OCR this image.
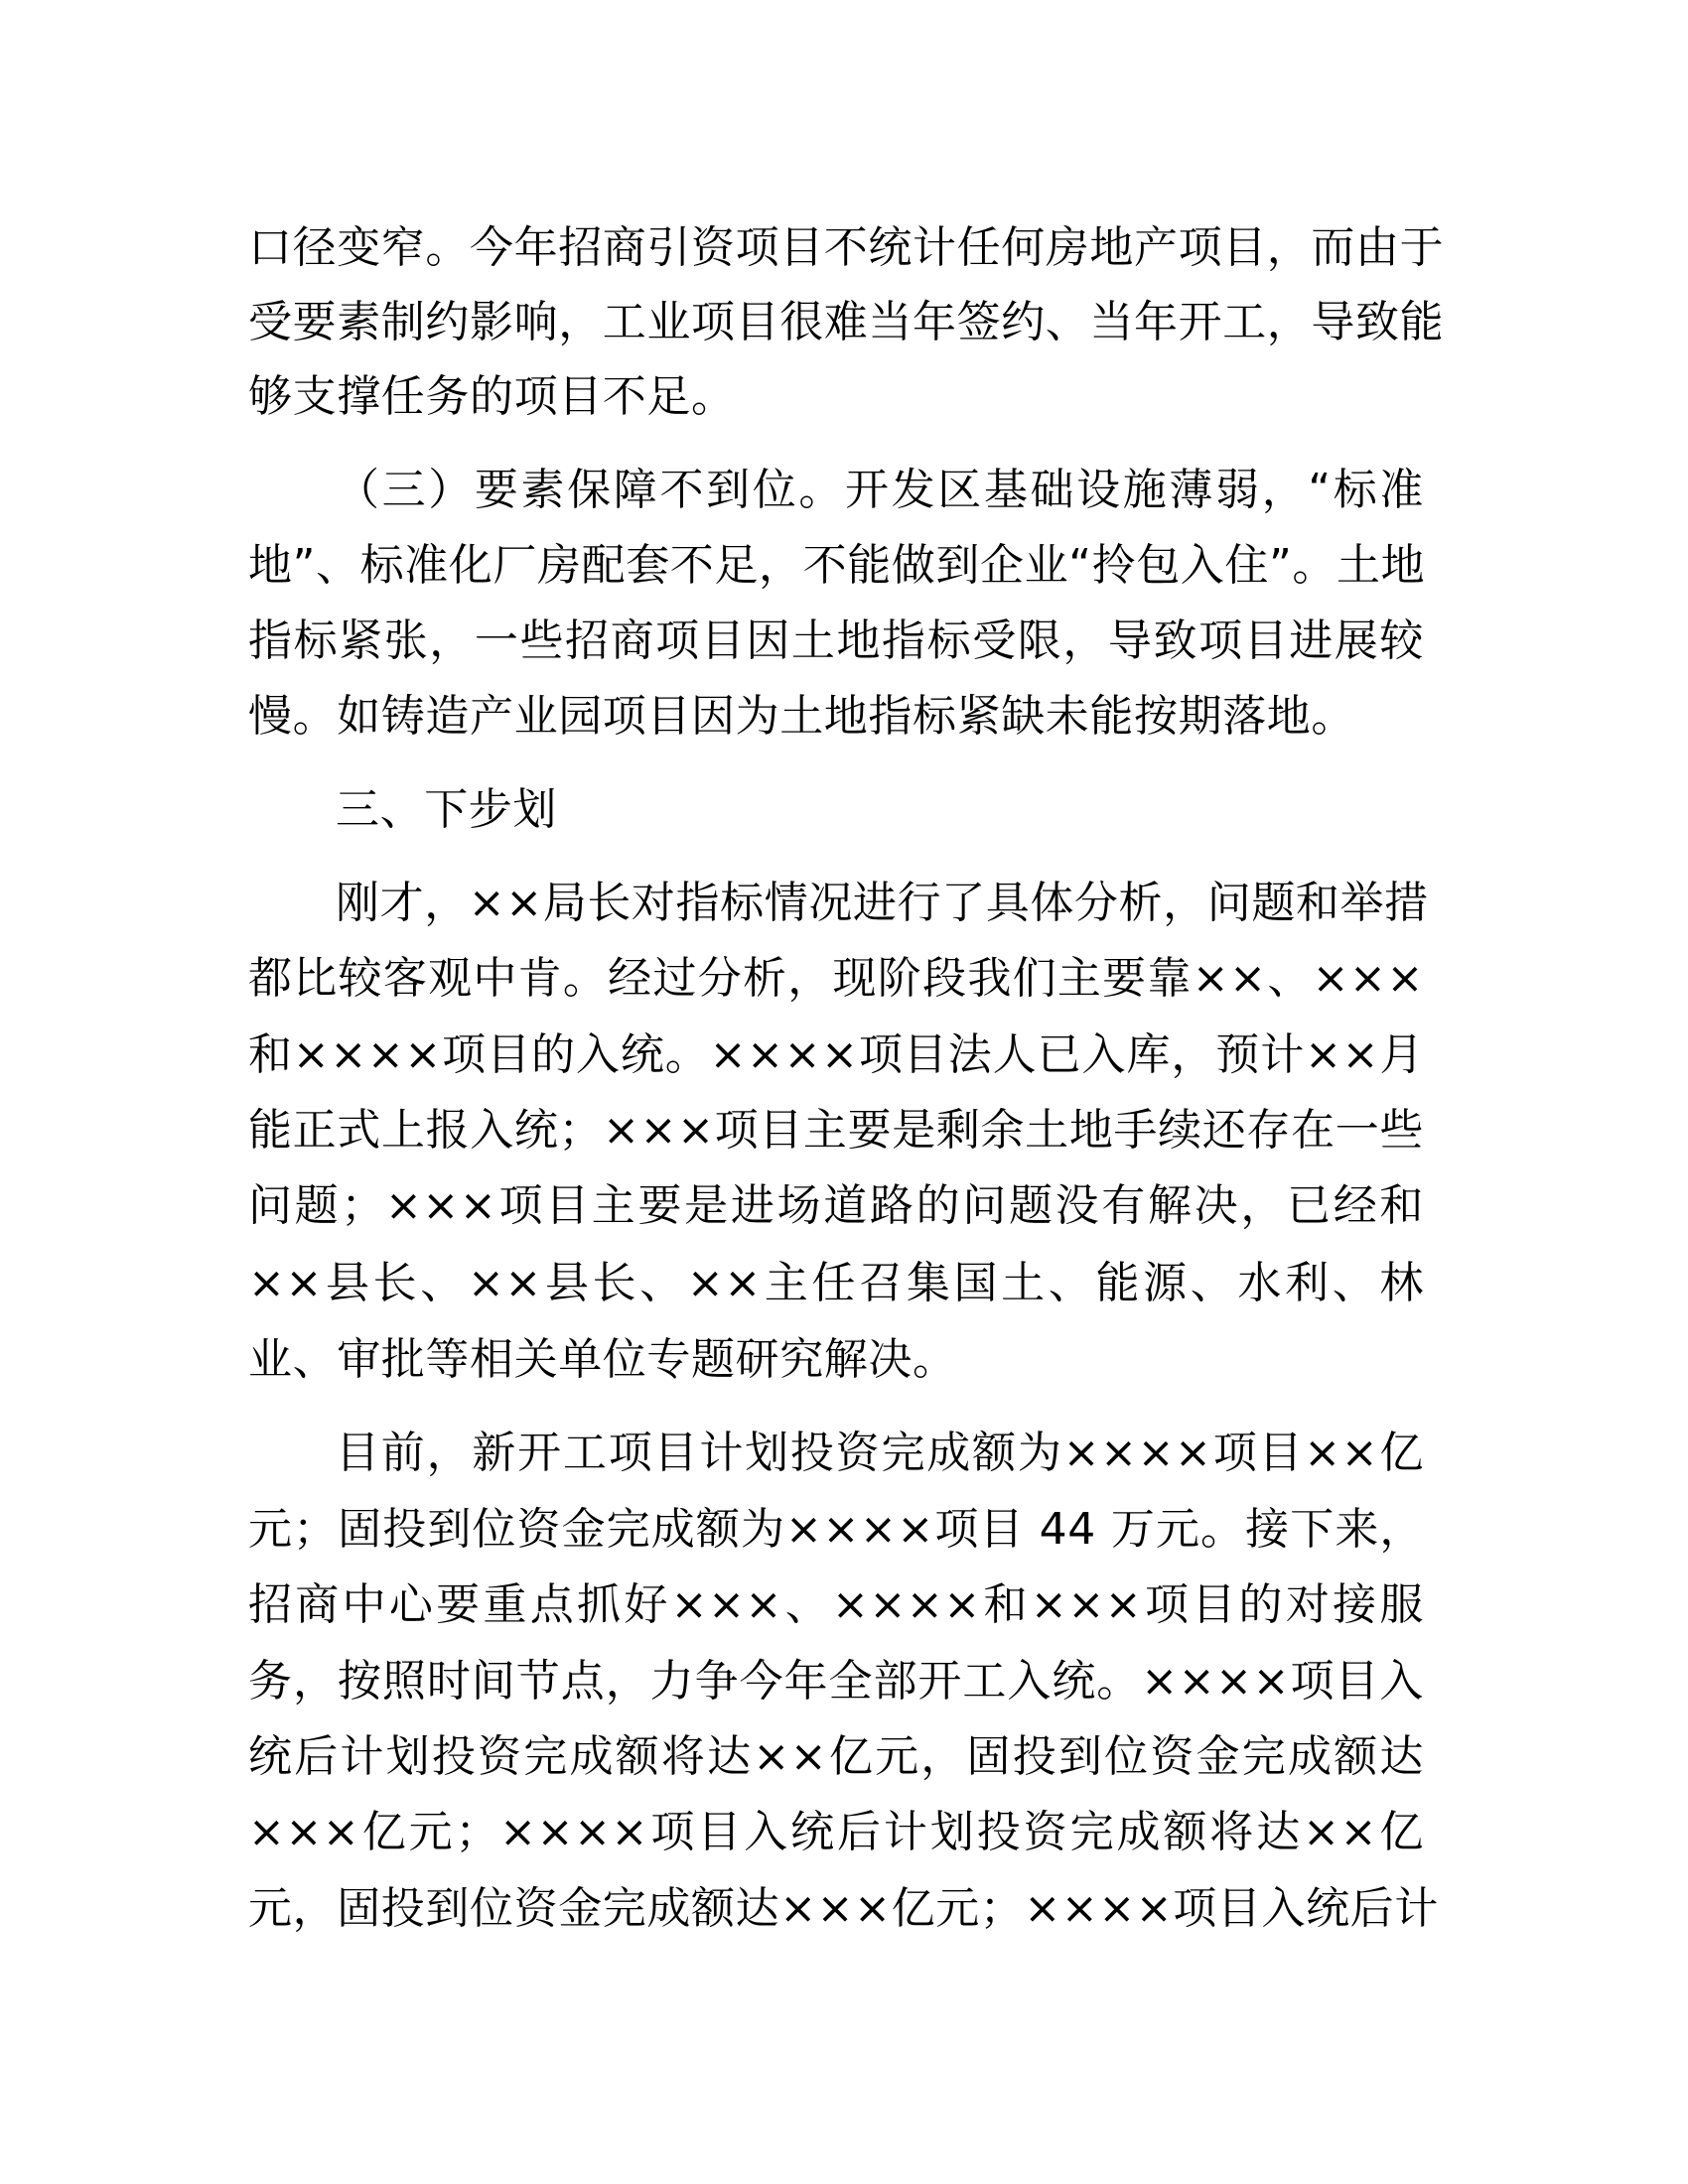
口径变窄。今年招商引资项目不统计任何房地产项目，而由于
受要素制约影响，工业项目很难当年签约、当年开工，导致能
够支撑任务的项目不足。
（三）要素保障不到位。开发区基础设施薄弱，“标准
地”、标准化厂房配套不足，不能做到企业“拎包入住”。土地
指标紧张，一些招商项目因土地指标受限，导致项目进展较
慢。如铸造产业园项目因为土地指标紧缺未能按期落地。
三、下步划
刚才，××局长对指标情况进行了具体分析，问题和举措
都比较客观中肯。经过分析，现阶段我们主要靠××、×××
和××××项目的入统。××××项目法人已入库，预计××月
能正式上报入统；×××项目主要是剩余土地手续还存在一些
问题；×××项目主要是进场道路的问题没有解决，已经和
××县长、××县长、××主任召集国土、能源、水利、林
业、审批等相关单位专题研究解决。
目前，新开工项目计划投资完成额为××××项目××亿
元；固投到位资金完成额为××××项目 44 万元。接下来，
招商中心要重点抓好×××、××××和×××项目的对接服
务，按照时间节点，力争今年全部开工入统。××××项目入
统后计划投资完成额将达××亿元，固投到位资金完成额达
×××亿元；××××项目入统后计划投资完成额将达××亿
元，固投到位资金完成额达×××亿元；××××项目入统后计
